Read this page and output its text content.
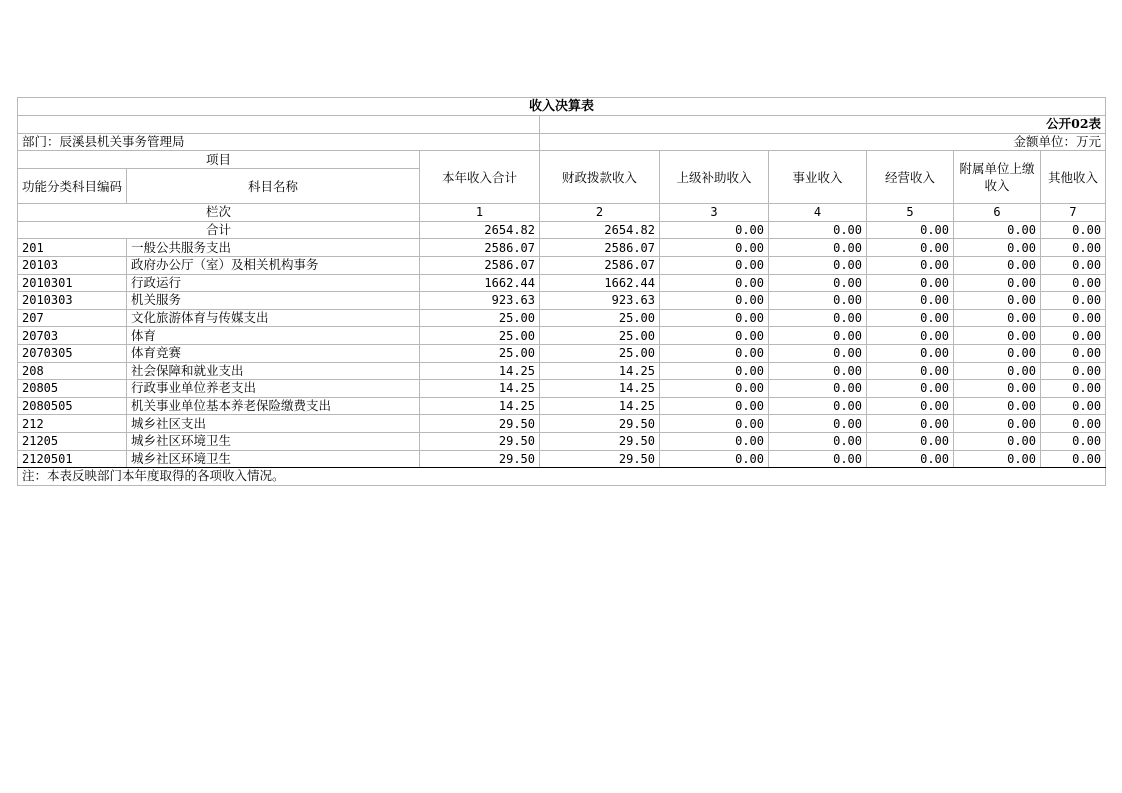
收入决算表								
			公开02表					
部门：辰溪县机关事务管理局			金额单位：万元					
项目		本年收入合计	财政拨款收入	上级补助收入	事业收入	经营收入	附属单位上缴收入	其他收入
功能分类科目编码	科目名称							
栏次		1	2	3	4	5	6	7
合计		2654.82	2654.82	0.00	0.00	0.00	0.00	0.00
201	一般公共服务支出	2586.07	2586.07	0.00	0.00	0.00	0.00	0.00
20103	政府办公厅（室）及相关机构事务	2586.07	2586.07	0.00	0.00	0.00	0.00	0.00
2010301	行政运行	1662.44	1662.44	0.00	0.00	0.00	0.00	0.00
2010303	机关服务	923.63	923.63	0.00	0.00	0.00	0.00	0.00
207	文化旅游体育与传媒支出	25.00	25.00	0.00	0.00	0.00	0.00	0.00
20703	体育	25.00	25.00	0.00	0.00	0.00	0.00	0.00
2070305	体育竞赛	25.00	25.00	0.00	0.00	0.00	0.00	0.00
208	社会保障和就业支出	14.25	14.25	0.00	0.00	0.00	0.00	0.00
20805	行政事业单位养老支出	14.25	14.25	0.00	0.00	0.00	0.00	0.00
2080505	机关事业单位基本养老保险缴费支出	14.25	14.25	0.00	0.00	0.00	0.00	0.00
212	城乡社区支出	29.50	29.50	0.00	0.00	0.00	0.00	0.00
21205	城乡社区环境卫生	29.50	29.50	0.00	0.00	0.00	0.00	0.00
2120501	城乡社区环境卫生	29.50	29.50	0.00	0.00	0.00	0.00	0.00
注：本表反映部门本年度取得的各项收入情况。								
